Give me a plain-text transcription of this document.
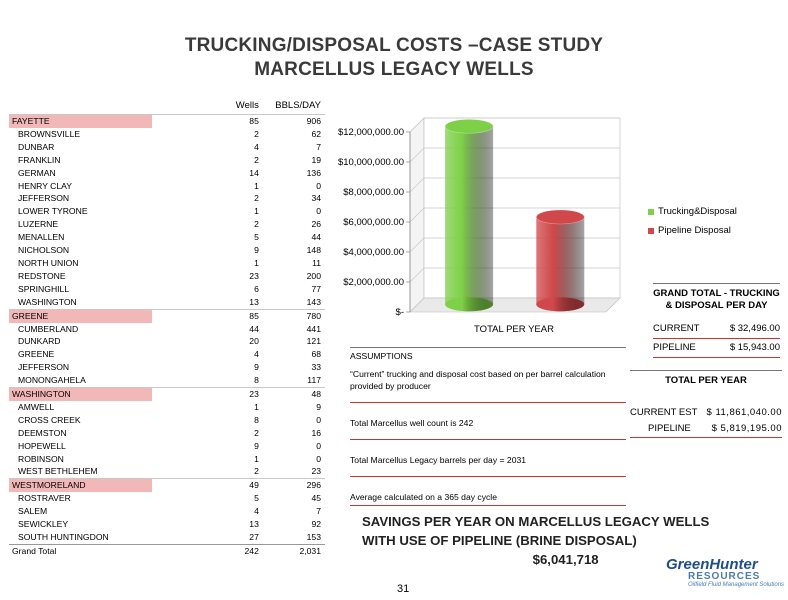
TRUCKING/DISPOSAL COSTS –CASE STUDY
MARCELLUS LEGACY WELLS
	Wells	BBLS/DAY
FAYETTE	85	906
BROWNSVILLE	2	62
DUNBAR	4	7
FRANKLIN	2	19
GERMAN	14	136
HENRY CLAY	1	0
JEFFERSON	2	34
LOWER TYRONE	1	0
LUZERNE	2	26
MENALLEN	5	44
NICHOLSON	9	148
NORTH UNION	1	11
REDSTONE	23	200
SPRINGHILL	6	77
WASHINGTON	13	143
GREENE	85	780
CUMBERLAND	44	441
DUNKARD	20	121
GREENE	4	68
JEFFERSON	9	33
MONONGAHELA	8	117
WASHINGTON	23	48
AMWELL	1	9
CROSS CREEK	8	0
DEEMSTON	2	16
HOPEWELL	9	0
ROBINSON	1	0
WEST BETHLEHEM	2	23
WESTMORELAND	49	296
ROSTRAVER	5	45
SALEM	4	7
SEWICKLEY	13	92
SOUTH HUNTINGDON	27	153
Grand Total	242	2,031
$-
$2,000,000.00
$4,000,000.00
$6,000,000.00
$8,000,000.00
$10,000,000.00
$12,000,000.00
TOTAL PER YEAR
Trucking&Disposal
Pipeline Disposal
GRAND TOTAL - TRUCKING & DISPOSAL PER DAY
CURRENT	$ 32,496.00
PIPELINE	$ 15,943.00
TOTAL PER YEAR
CURRENT EST $ 11,861,040.00
PIPELINE $ 5,819,195.00
ASSUMPTIONS
“Current” trucking and disposal cost based on per barrel calculation provided by producer
Total Marcellus well count is 242
Total Marcellus Legacy barrels per day = 2031
Average calculated on a 365 day cycle
SAVINGS PER YEAR ON MARCELLUS LEGACY WELLS
WITH USE OF PIPELINE (BRINE DISPOSAL)
$6,041,718
31
GreenHunter
RESOURCES
Oilfield Fluid Management Solutions
